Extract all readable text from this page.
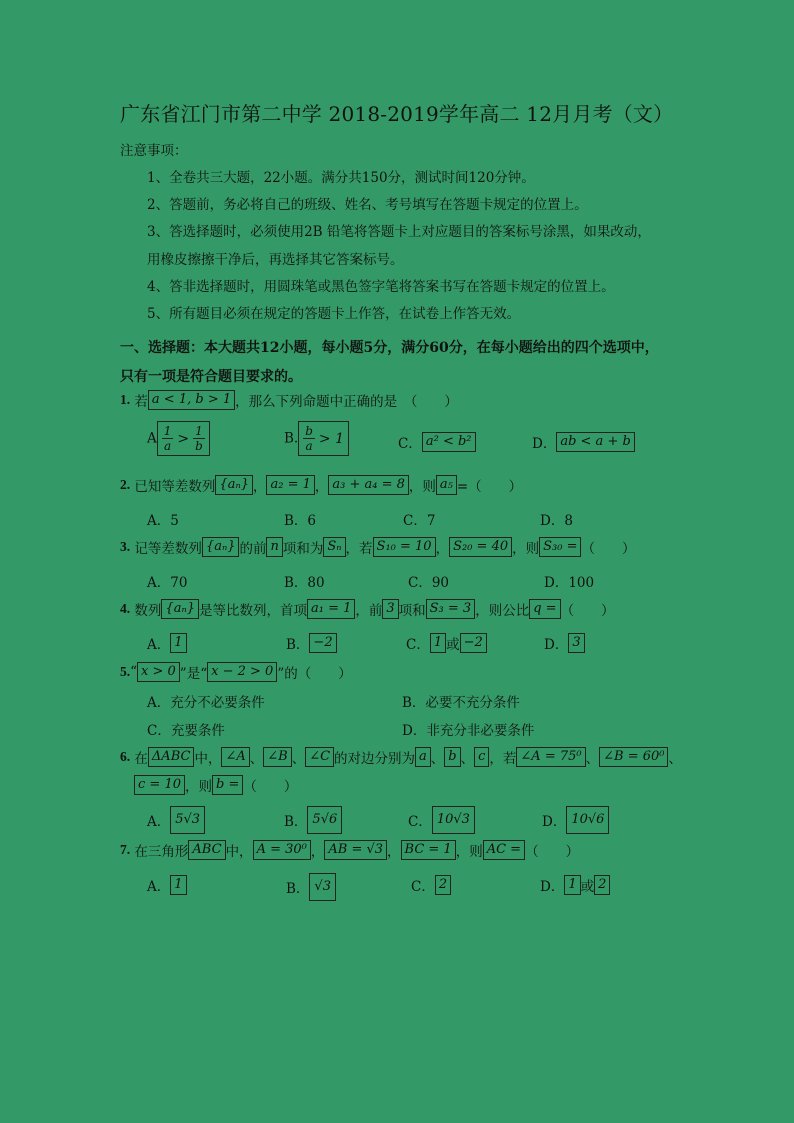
广东省江门市第二中学 2018-2019学年高二 12月月考（文）
注意事项：
1、全卷共三大题，22小题。满分共150分，测试时间120分钟。
2、答题前，务必将自己的班级、姓名、考号填写在答题卡规定的位置上。
3、答选择题时，必须使用2B 铅笔将答题卡上对应题目的答案标号涂黑，如果改动，
用橡皮擦擦干净后，再选择其它答案标号。
4、答非选择题时，用圆珠笔或黑色签字笔将答案书写在答题卡规定的位置上。
5、所有题目必须在规定的答题卡上作答，在试卷上作答无效。
一、选择题：本大题共12小题，每小题5分，满分60分，在每小题给出的四个选项中，
只有一项是符合题目要求的。
1. 若 a < 1, b > 1 ，那么下列命题中正确的是　（　　）
A $\frac{1}{a} > \frac{1}{b}$	B. $\frac{b}{a} > 1$	C． a² < b²	D． ab < a + b
2. 已知等差数列 {aₙ} ， a₂ = 1 ， a₃ + a₄ = 8 ，则 a₅ =（　　）
A．5	B．6	C．7	D．8
3. 记等差数列 {aₙ} 的前 n 项和为 Sₙ ，若 S₁₀ = 10 ， S₂₀ = 40 ，则 S₃₀ = （　　）
A．70	B．80	C．90	D．100
4. 数列 {aₙ} 是等比数列，首项 a₁ = 1 ，前 3 项和 S₃ = 3 ，则公比 q = （　　）
A． 1	B． −2	C． 1 或 −2	D． 3
5.“ x > 0 ”是“ x − 2 > 0 ”的（　　）
A．充分不必要条件	B．必要不充分条件
C．充要条件	D．非充分非必要条件
6. 在 ΔABC 中， ∠A 、 ∠B 、 ∠C 的对边分别为 a 、 b 、 c ，若 ∠A = 75⁰ 、 ∠B = 60⁰ 、
c = 10 ，则 b = （　　）
A． 5√3	B． 5√6	C． 10√3	D． 10√6
7. 在三角形 ABC 中， A = 30⁰ ， AB = √3 ， BC = 1 ，则 AC = （　　）
A． 1	B． √3	C． 2	D． 1 或 2
